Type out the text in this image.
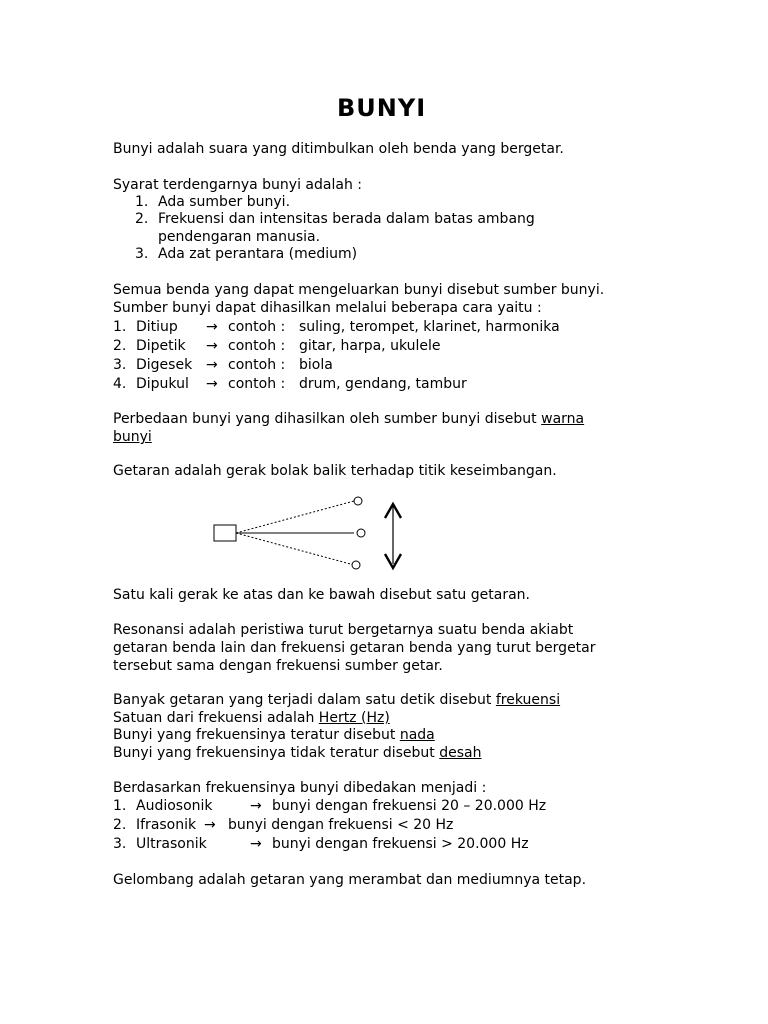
BUNYI
Bunyi adalah suara yang ditimbulkan oleh benda yang bergetar.
Syarat terdengarnya bunyi adalah :
1. Ada sumber bunyi.
2. Frekuensi dan intensitas berada dalam batas ambang
pendengaran manusia.
3. Ada zat perantara (medium)
Semua benda yang dapat mengeluarkan bunyi disebut sumber bunyi.
Sumber bunyi dapat dihasilkan melalui beberapa cara yaitu :
1. Ditiup → contoh : suling, terompet, klarinet, harmonika
2. Dipetik → contoh : gitar, harpa, ukulele
3. Digesek → contoh : biola
4. Dipukul → contoh : drum, gendang, tambur
Perbedaan bunyi yang dihasilkan oleh sumber bunyi disebut warna
bunyi
Getaran adalah gerak bolak balik terhadap titik keseimbangan.
Satu kali gerak ke atas dan ke bawah disebut satu getaran.
Resonansi adalah peristiwa turut bergetarnya suatu benda akiabt
getaran benda lain dan frekuensi getaran benda yang turut bergetar
tersebut sama dengan frekuensi sumber getar.
Banyak getaran yang terjadi dalam satu detik disebut frekuensi
Satuan dari frekuensi adalah Hertz (Hz)
Bunyi yang frekuensinya teratur disebut nada
Bunyi yang frekuensinya tidak teratur disebut desah
Berdasarkan frekuensinya bunyi dibedakan menjadi :
1. Audiosonik	→ bunyi dengan frekuensi 20 – 20.000 Hz
2. Ifrasonik → bunyi dengan frekuensi < 20 Hz
3. Ultrasonik	→ bunyi dengan frekuensi > 20.000 Hz
Gelombang adalah getaran yang merambat dan mediumnya tetap.
